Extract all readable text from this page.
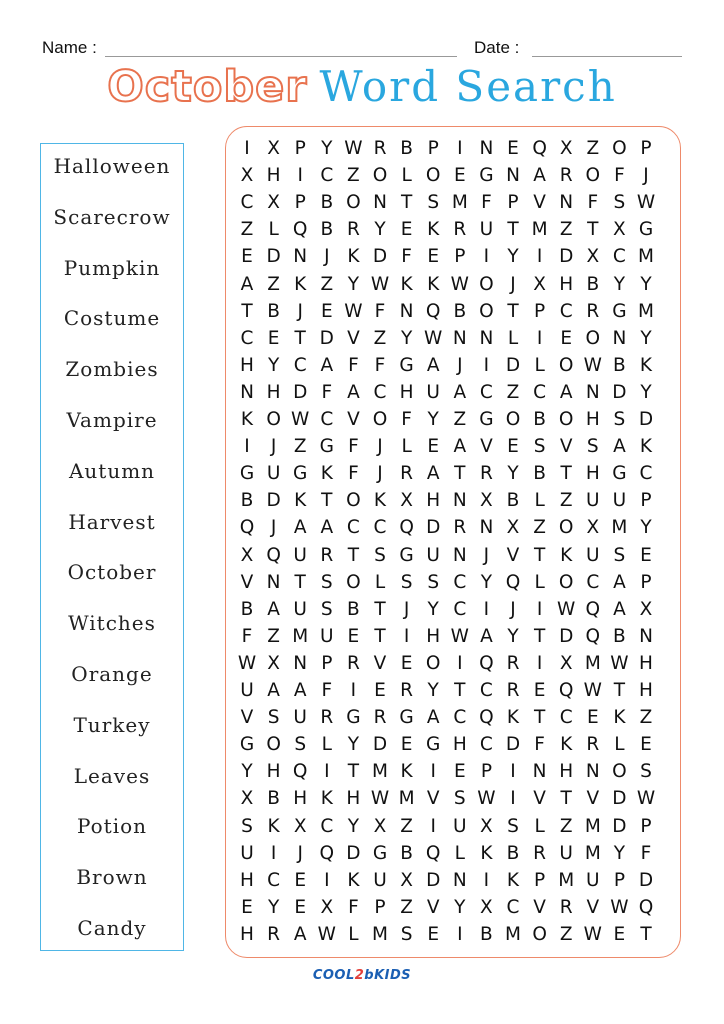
Name :	Date :
October Word Search
Halloween
Scarecrow
Pumpkin
Costume
Zombies
Vampire
Autumn
Harvest
October
Witches
Orange
Turkey
Leaves
Potion
Brown
Candy
I X P Y W R B P I N E Q X Z O P
X H I C Z O L O E G N A R O F	J
C X P B O N T S M F P V N F S W
Z L Q B R Y E K R U T M Z T X G
E D N J K D F E P I Y I D X C M
A Z K Z Y W K K W O J X H B Y Y
T B J E W F N Q B O T P C R G M
C E T D V Z Y W N N L	I E O N Y
H Y C A F F G A J	I D L O W B K
N H D F A C H U A C Z C A N D Y
K O W C V O F Y Z G O B O H S D
I	J Z G F	J	L E A V E S V S A K
G U G K F	J R A T R Y B T H G C
B D K T O K X H N X B L Z U U P
Q J A A C C Q D R N X Z O X M Y
X Q U R T S G U N J V T K U S E
V N T S O L S S C Y Q L O C A P
B A U S B T J Y C I	J	I W Q A X
F Z M U E T I H W A Y T D Q B N
W X N P R V E O I Q R I X M W H
U A A F	I E R Y T C R E Q W T H
V S U R G R G A C Q K T C E K Z
G O S L Y D E G H C D F K R L E
Y H Q I T M K I E P I N H N O S
X B H K H W M V S W I V T V D W
S K X C Y X Z I U X S L Z M D P
U I	J Q D G B Q L K B R U M Y F
H C E I K U X D N I K P M U P D
E Y E X F P Z V Y X C V R V W Q
H R A W L M S E I B M O Z W E T
COOL2bKIDS
